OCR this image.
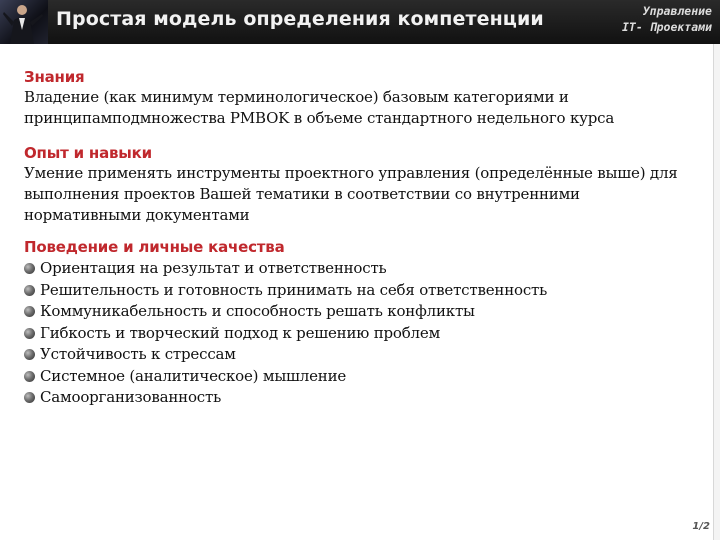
Простая модель определения компетенции	Управление
IT- Проектами
Знания
Владение (как минимум терминологическое) базовым категориями и принципамподмножества PMBOK в объеме стандартного недельного курса
Опыт и навыки
Умение применять инструменты проектного управления (определённые выше) для выполнения проектов Вашей тематики в соответствии со внутренними нормативными документами
Поведение и личные качества
Ориентация на результат и ответственность
Решительность и готовность принимать на себя ответственность
Коммуникабельность и способность решать конфликты
Гибкость и творческий подход к решению проблем
Устойчивость к стрессам
Системное (аналитическое) мышление
Самоорганизованность
1/2
